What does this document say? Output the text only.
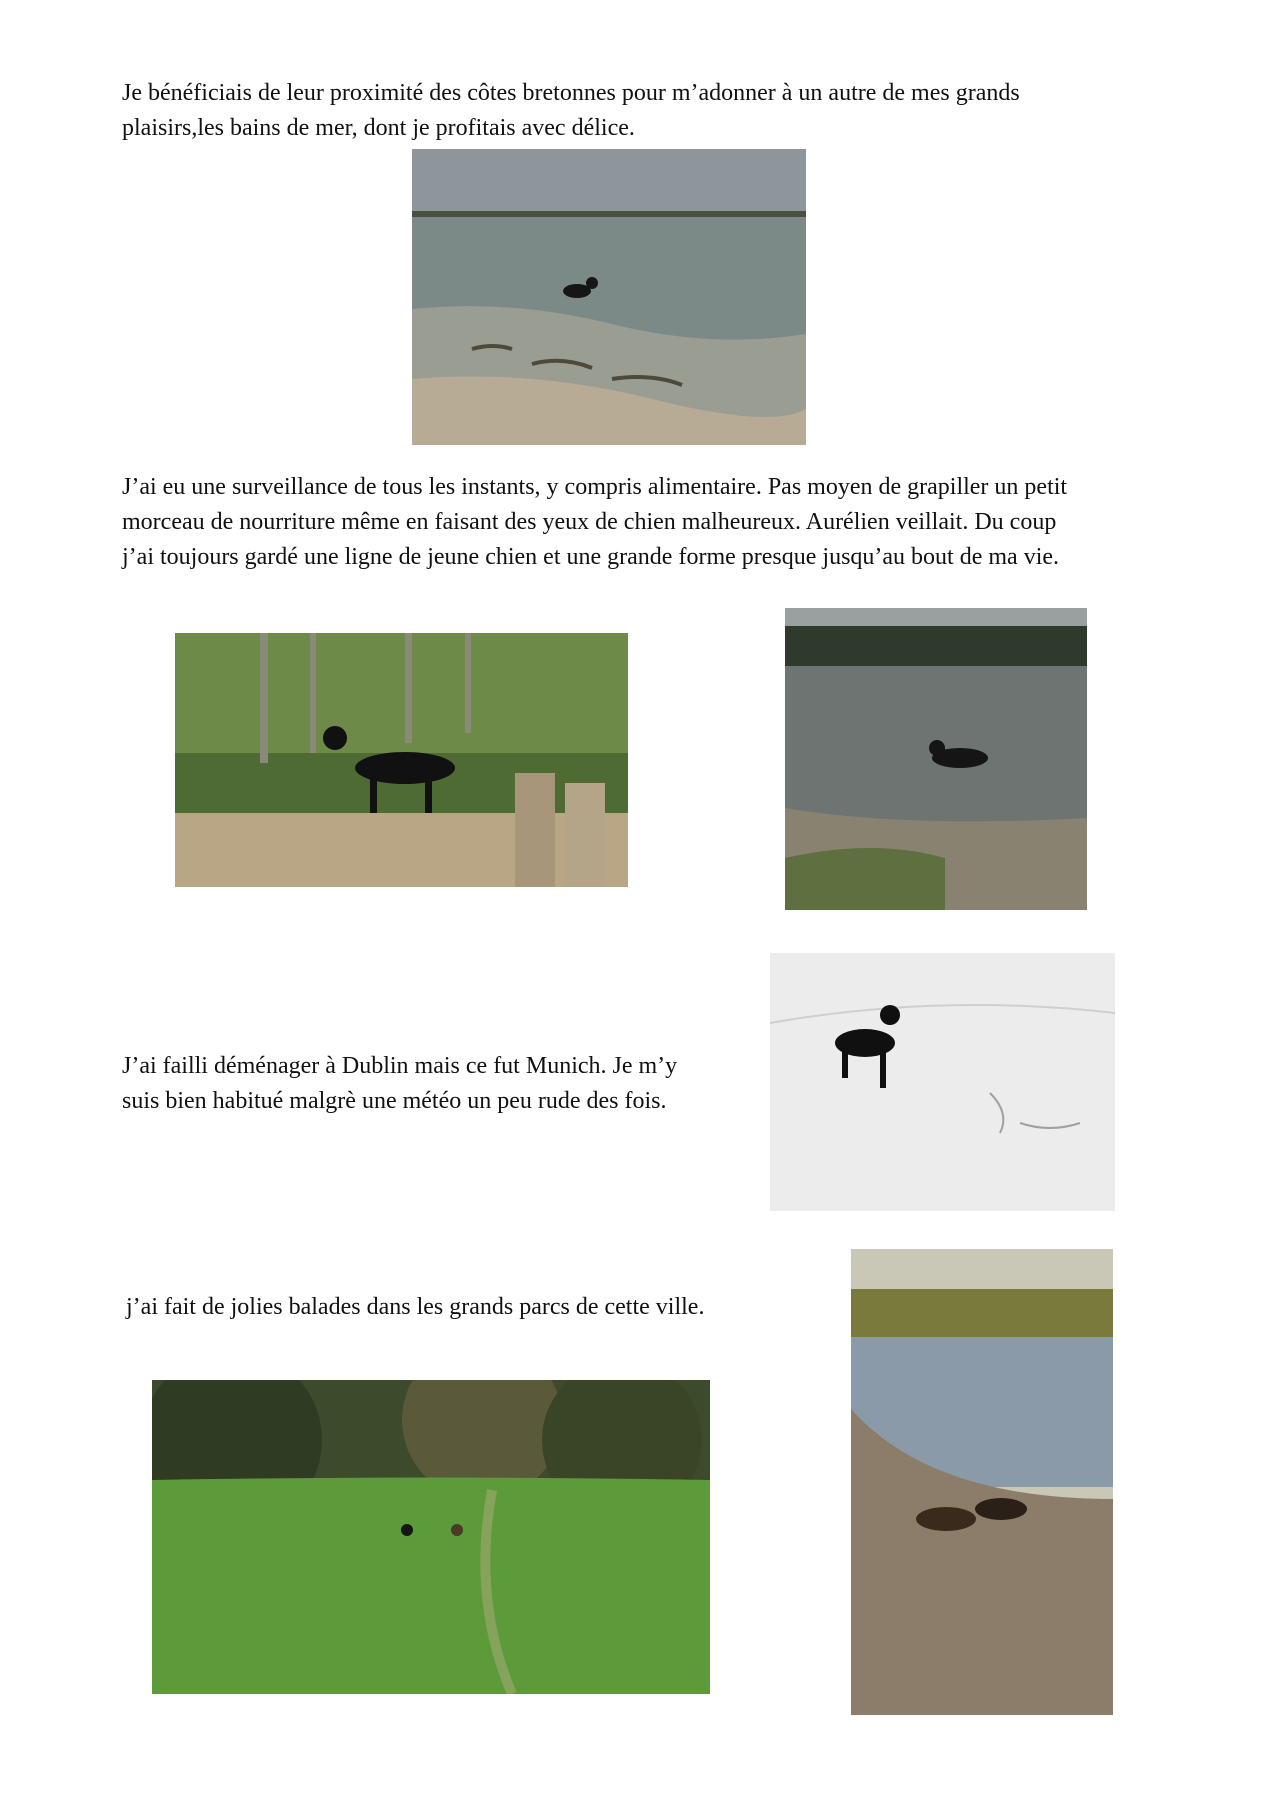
Je bénéficiais de leur proximité des côtes bretonnes pour m’adonner à un autre de mes grands
plaisirs,les bains de mer, dont je profitais avec délice.

J’ai eu une surveillance de tous les instants, y compris alimentaire. Pas moyen de grapiller un petit
morceau de nourriture même en faisant des yeux de chien malheureux. Aurélien veillait. Du coup
j’ai toujours gardé une ligne de jeune chien et une grande forme presque jusqu’au bout de ma vie.

J’ai failli déménager à Dublin mais ce fut Munich. Je m’y
suis bien habitué malgrè une météo un peu rude des fois.

j’ai fait de jolies balades dans les grands parcs de cette ville.
